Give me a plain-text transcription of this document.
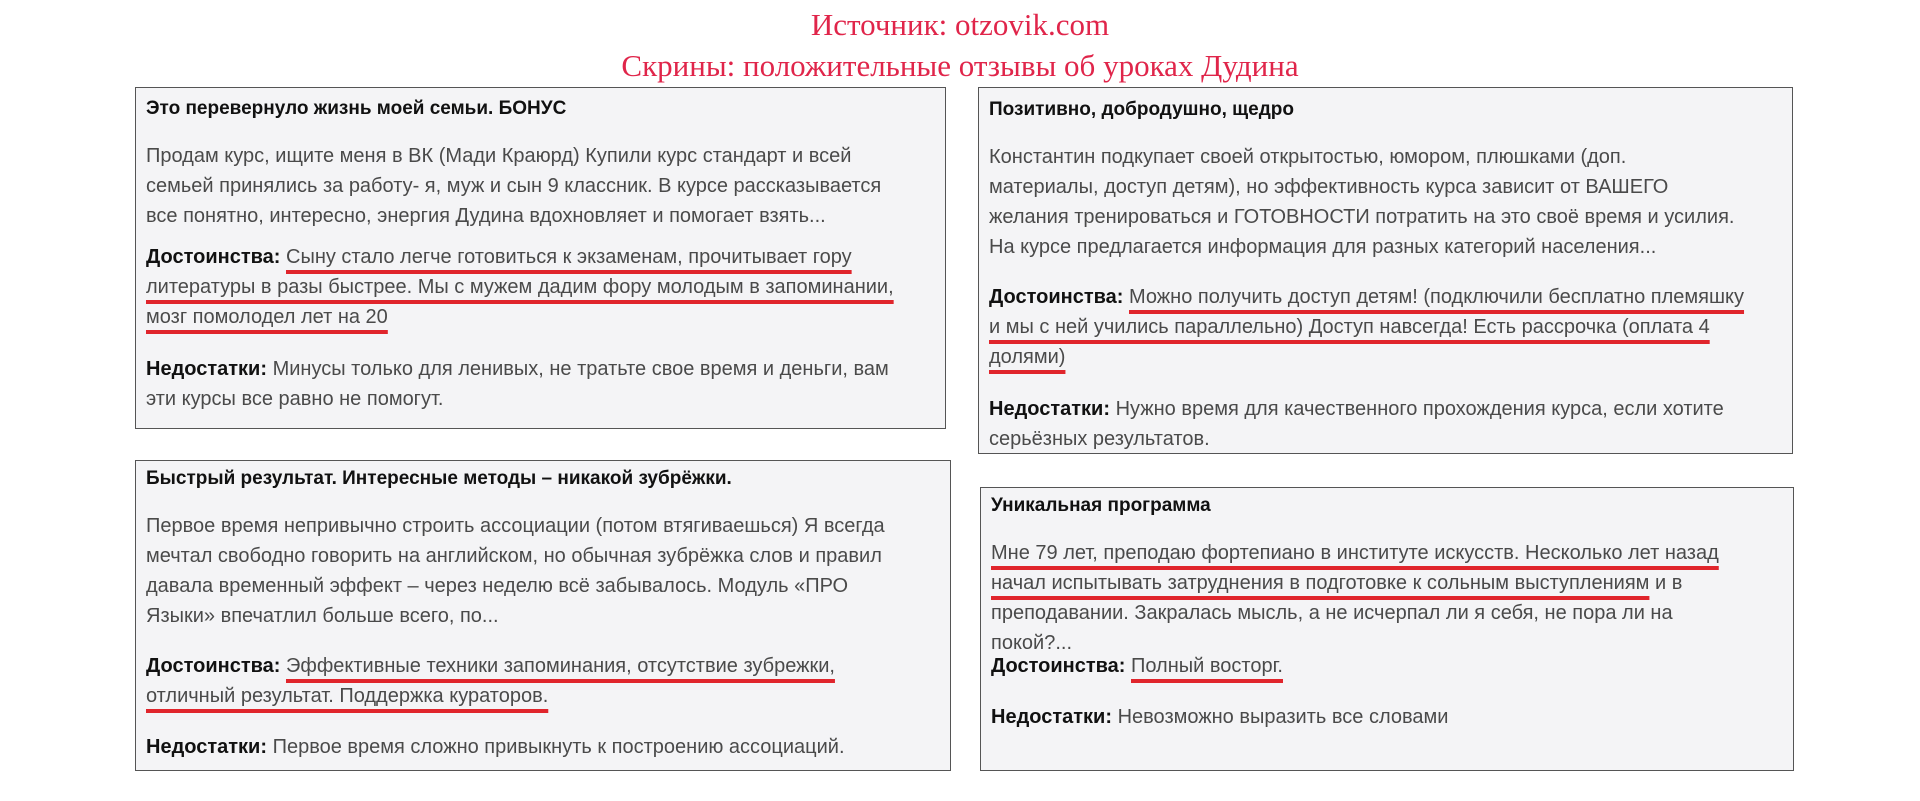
Источник: otzovik.com
Скрины: положительные отзывы об уроках Дудина
Это перевернуло жизнь моей семьи. БОНУС
Продам курс, ищите меня в ВК (Мади Краюрд) Купили курс стандарт и всей
семьей принялись за работу- я, муж и сын 9 классник. В курсе рассказывается
все понятно, интересно, энергия Дудина вдохновляет и помогает взять...
Достоинства: Сыну стало легче готовиться к экзаменам, прочитывает гору
литературы в разы быстрее. Мы с мужем дадим фору молодым в запоминании,
мозг помолодел лет на 20
Недостатки: Минусы только для ленивых, не тратьте свое время и деньги, вам
эти курсы все равно не помогут.
Позитивно, добродушно, щедро
Константин подкупает своей открытостью, юмором, плюшками (доп.
материалы, доступ детям), но эффективность курса зависит от ВАШЕГО
желания тренироваться и ГОТОВНОСТИ потратить на это своё время и усилия.
На курсе предлагается информация для разных категорий населения...
Достоинства: Можно получить доступ детям! (подключили бесплатно племяшку
и мы с ней учились параллельно) Доступ навсегда! Есть рассрочка (оплата 4
долями)
Недостатки: Нужно время для качественного прохождения курса, если хотите
серьёзных результатов.
Быстрый результат. Интересные методы – никакой зубрёжки.
Первое время непривычно строить ассоциации (потом втягиваешься) Я всегда
мечтал свободно говорить на английском, но обычная зубрёжка слов и правил
давала временный эффект – через неделю всё забывалось. Модуль «ПРО
Языки» впечатлил больше всего, по...
Достоинства: Эффективные техники запоминания, отсутствие зубрежки,
отличный результат. Поддержка кураторов.
Недостатки: Первое время сложно привыкнуть к построению ассоциаций.
Уникальная программа
Мне 79 лет, преподаю фортепиано в институте искусств. Несколько лет назад
начал испытывать затруднения в подготовке к сольным выступлениям и в
преподавании. Закралась мысль, а не исчерпал ли я себя, не пора ли на
покой?...
Достоинства: Полный восторг.
Недостатки: Невозможно выразить все словами
